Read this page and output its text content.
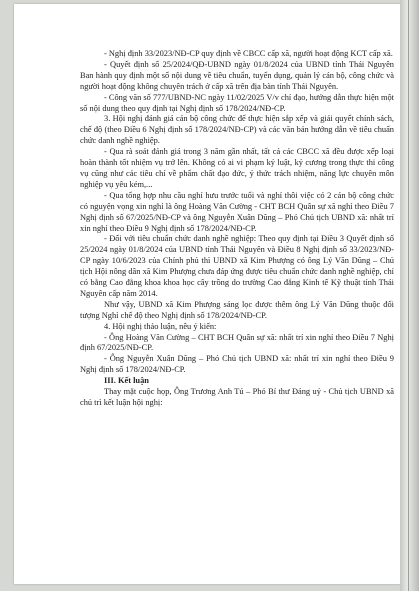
- Nghị định 33/2023/NĐ-CP quy định về CBCC cấp xã, người hoạt động KCT cấp xã.

- Quyết định số 25/2024/QĐ-UBND ngày 01/8/2024 của UBND tỉnh Thái Nguyên Ban hành quy định một số nội dung về tiêu chuẩn, tuyển dụng, quản lý cán bộ, công chức và người hoạt động không chuyên trách ở cấp xã trên địa bàn tỉnh Thái Nguyên.

- Công văn số 777/UBND-NC ngày 11/02/2025 V/v chỉ đạo, hướng dẫn thực hiện một số nội dung theo quy định tại Nghị định số 178/2024/NĐ-CP.

3. Hội nghị đánh giá cán bộ công chức để thực hiện sắp xếp và giải quyết chính sách, chế độ (theo Điều 6 Nghị định số 178/2024/NĐ-CP) và các văn bản hướng dẫn về tiêu chuẩn chức danh nghề nghiệp.

- Qua rà soát đánh giá trong 3 năm gần nhất, tất cả các CBCC xã đều được xếp loại hoàn thành tốt nhiệm vụ trở lên. Không có ai vi phạm kỷ luật, kỷ cương trong thực thi công vụ cũng như các tiêu chí về phẩm chất đạo đức, ý thức trách nhiệm, năng lực chuyên môn nghiệp vụ yêu kém,...

- Qua tổng hợp nhu cầu nghỉ hưu trước tuổi và nghỉ thôi việc có 2 cán bộ công chức có nguyện vọng xin nghỉ là ông Hoàng Văn Cường - CHT BCH Quân sự xã nghỉ theo Điều 7 Nghị định số 67/2025/NĐ-CP và ông Nguyễn Xuân Dũng – Phó Chủ tịch UBND xã: nhất trí xin nghỉ theo Điều 9 Nghị định số 178/2024/NĐ-CP.

- Đối với tiêu chuẩn chức danh nghề nghiệp: Theo quy định tại Điều 3 Quyết định số 25/2024 ngày 01/8/2024 của UBND tỉnh Thái Nguyên và Điều 8 Nghị định số 33/2023/NĐ-CP ngày 10/6/2023 của Chính phủ thì UBND xã Kim Phượng có ông Lý Văn Dũng – Chủ tịch Hội nông dân xã Kim Phượng chưa đáp ứng được tiêu chuẩn chức danh nghề nghiệp, chỉ có bằng Cao đẳng khoa khoa học cây trồng do trường Cao đẳng Kinh tế Kỹ thuật tỉnh Thái Nguyên cấp năm 2014.

Như vậy, UBND xã Kim Phượng sáng lọc được thêm ông Lý Văn Dũng thuộc đối tượng Nghỉ chế độ theo Nghị định số 178/2024/NĐ-CP.

4. Hội nghị thảo luận, nêu ý kiến:

- Ông Hoàng Văn Cường – CHT BCH Quân sự xã: nhất trí xin nghỉ theo Điều 7 Nghị định 67/2025/NĐ-CP.

- Ông Nguyễn Xuân Dũng – Phó Chủ tịch UBND xã: nhất trí xin nghỉ theo Điều 9 Nghị định số 178/2024/NĐ-CP.

III. Kết luận

Thay mặt cuộc họp, Ông Trương Anh Tú – Phó Bí thư Đảng uỷ - Chủ tịch UBND xã chủ trì kết luận hội nghị:
